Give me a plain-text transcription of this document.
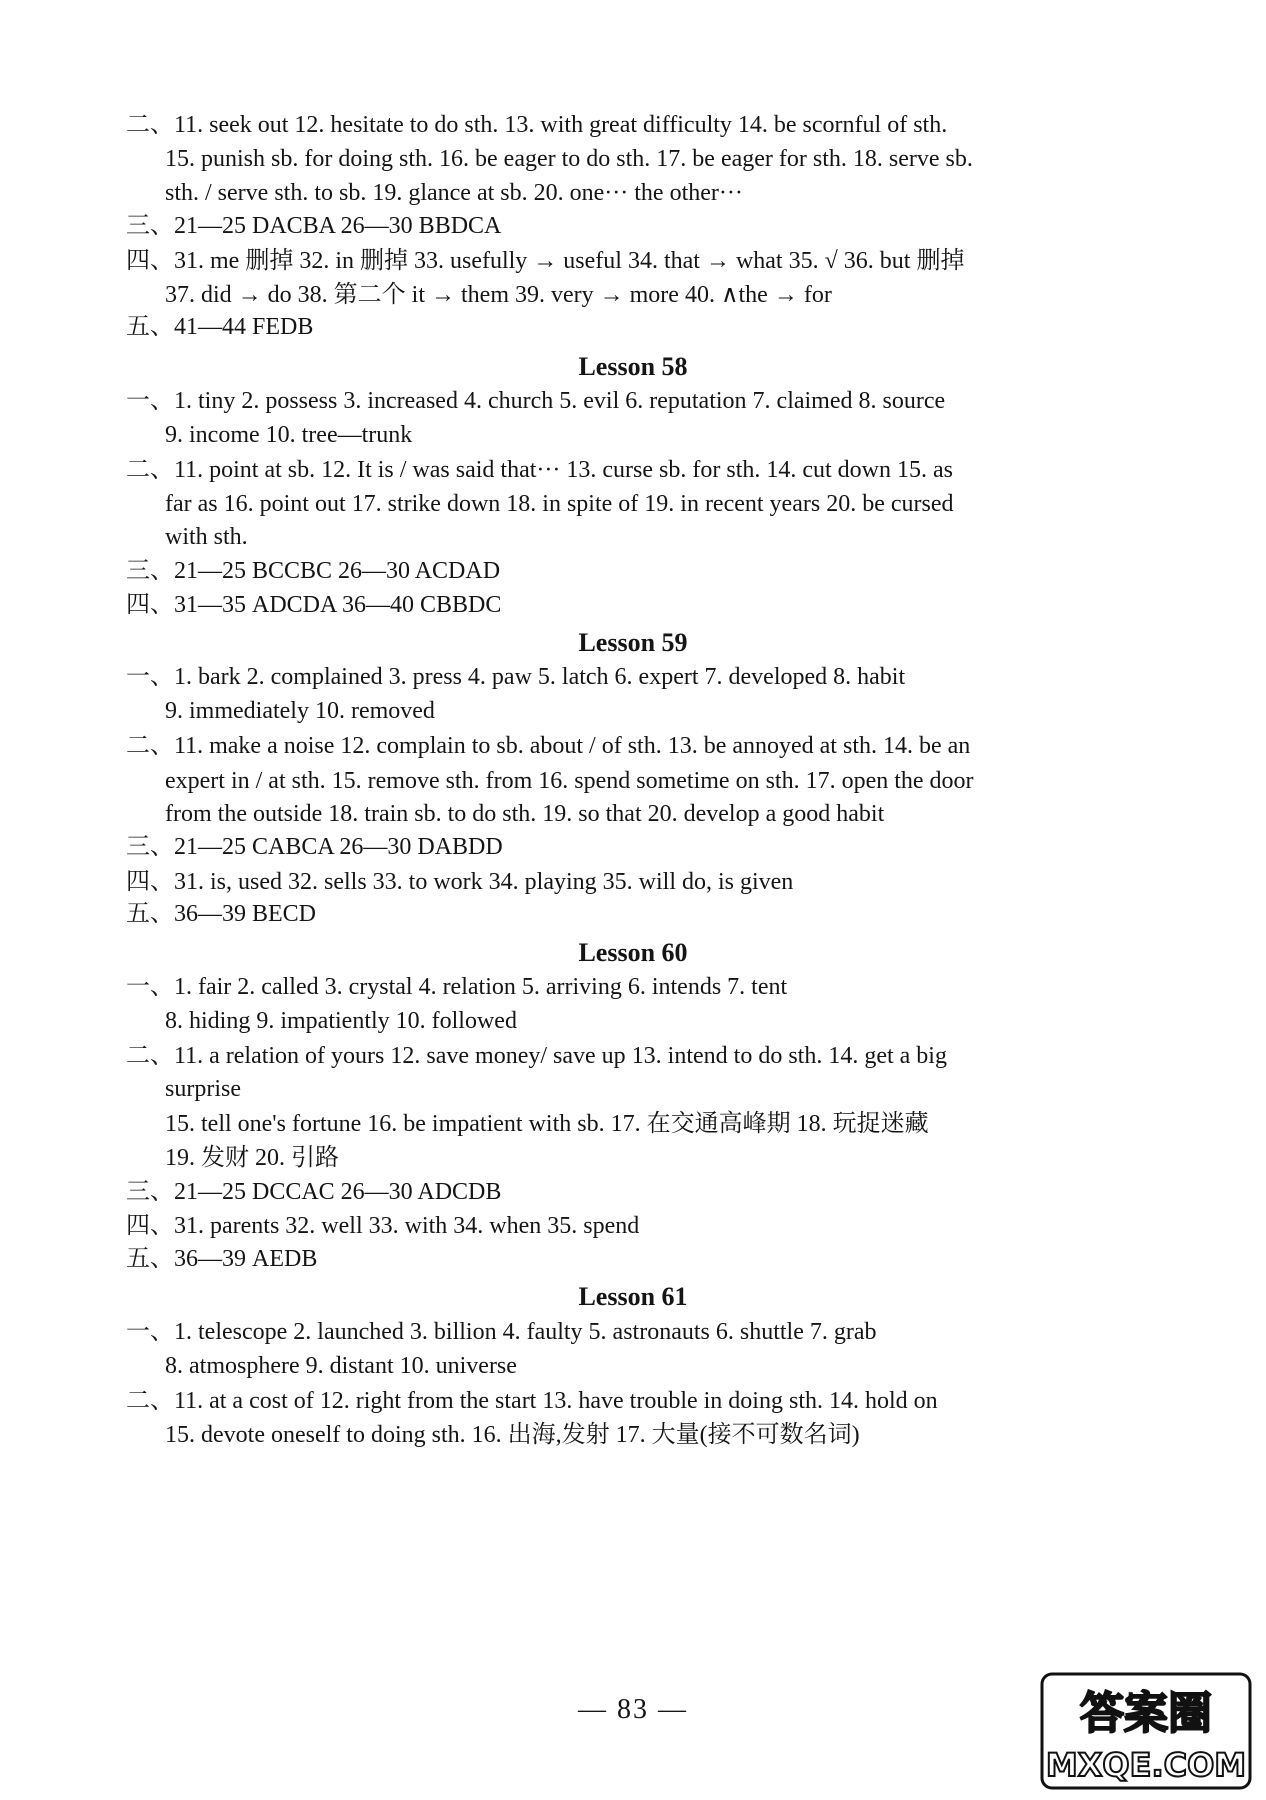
二、11. seek out 12. hesitate to do sth. 13. with great difficulty 14. be scornful of sth.
15. punish sb. for doing sth. 16. be eager to do sth. 17. be eager for sth. 18. serve sb.
sth. / serve sth. to sb. 19. glance at sb. 20. one··· the other···
三、21—25 DACBA 26—30 BBDCA
四、31. me 删掉 32. in 删掉 33. usefully → useful 34. that → what 35. √ 36. but 删掉
37. did → do 38. 第二个 it → them 39. very → more 40. ∧the → for
五、41—44 FEDB
Lesson 58
一、1. tiny 2. possess 3. increased 4. church 5. evil 6. reputation 7. claimed 8. source
9. income 10. tree—trunk
二、11. point at sb. 12. It is / was said that··· 13. curse sb. for sth. 14. cut down 15. as
far as 16. point out 17. strike down 18. in spite of 19. in recent years 20. be cursed
with sth.
三、21—25 BCCBC 26—30 ACDAD
四、31—35 ADCDA 36—40 CBBDC
Lesson 59
一、1. bark 2. complained 3. press 4. paw 5. latch 6. expert 7. developed 8. habit
9. immediately 10. removed
二、11. make a noise 12. complain to sb. about / of sth. 13. be annoyed at sth. 14. be an
expert in / at sth. 15. remove sth. from 16. spend sometime on sth. 17. open the door
from the outside 18. train sb. to do sth. 19. so that 20. develop a good habit
三、21—25 CABCA 26—30 DABDD
四、31. is, used 32. sells 33. to work 34. playing 35. will do, is given
五、36—39 BECD
Lesson 60
一、1. fair 2. called 3. crystal 4. relation 5. arriving 6. intends 7. tent
8. hiding 9. impatiently 10. followed
二、11. a relation of yours 12. save money/ save up 13. intend to do sth. 14. get a big
surprise
15. tell one's fortune 16. be impatient with sb. 17. 在交通高峰期 18. 玩捉迷藏
19. 发财 20. 引路
三、21—25 DCCAC 26—30 ADCDB
四、31. parents 32. well 33. with 34. when 35. spend
五、36—39 AEDB
Lesson 61
一、1. telescope 2. launched 3. billion 4. faulty 5. astronauts 6. shuttle 7. grab
8. atmosphere 9. distant 10. universe
二、11. at a cost of 12. right from the start 13. have trouble in doing sth. 14. hold on
15. devote oneself to doing sth. 16. 出海,发射 17. 大量(接不可数名词)
— 83 —	答案圈
MXQE.COM
